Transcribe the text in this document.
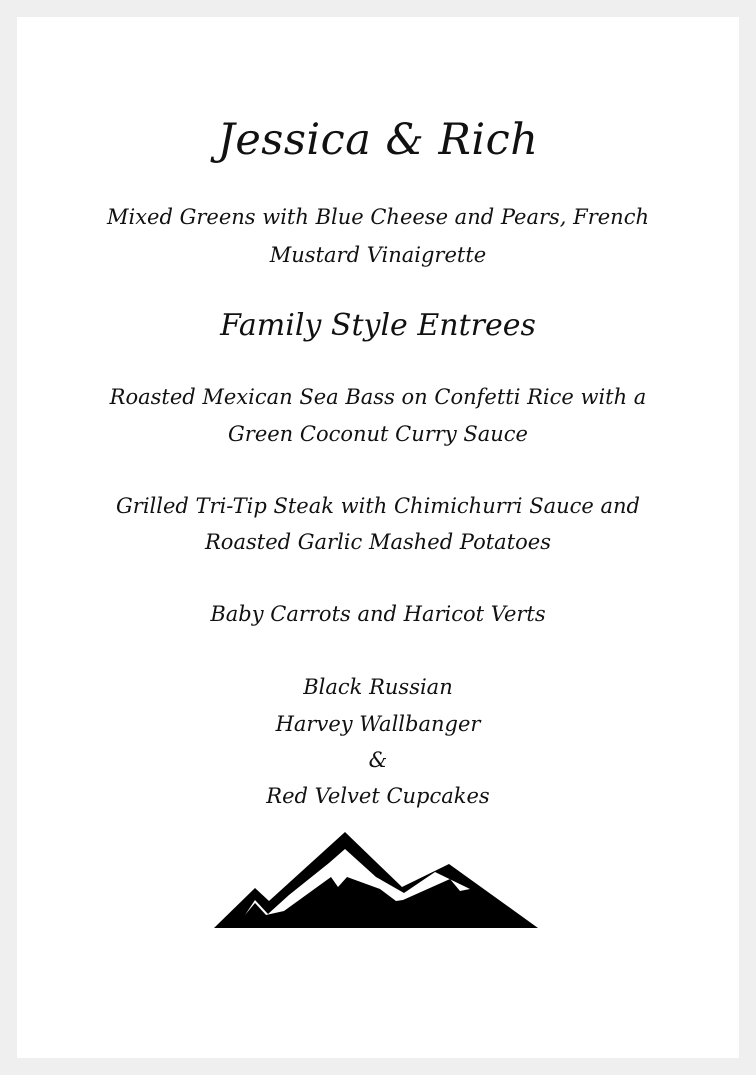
Jessica & Rich
Mixed Greens with Blue Cheese and Pears, French
Mustard Vinaigrette
Family Style Entrees
Roasted Mexican Sea Bass on Confetti Rice with a
Green Coconut Curry Sauce
Grilled Tri-Tip Steak with Chimichurri Sauce and
Roasted Garlic Mashed Potatoes
Baby Carrots and Haricot Verts
Black Russian
Harvey Wallbanger
&
Red Velvet Cupcakes
